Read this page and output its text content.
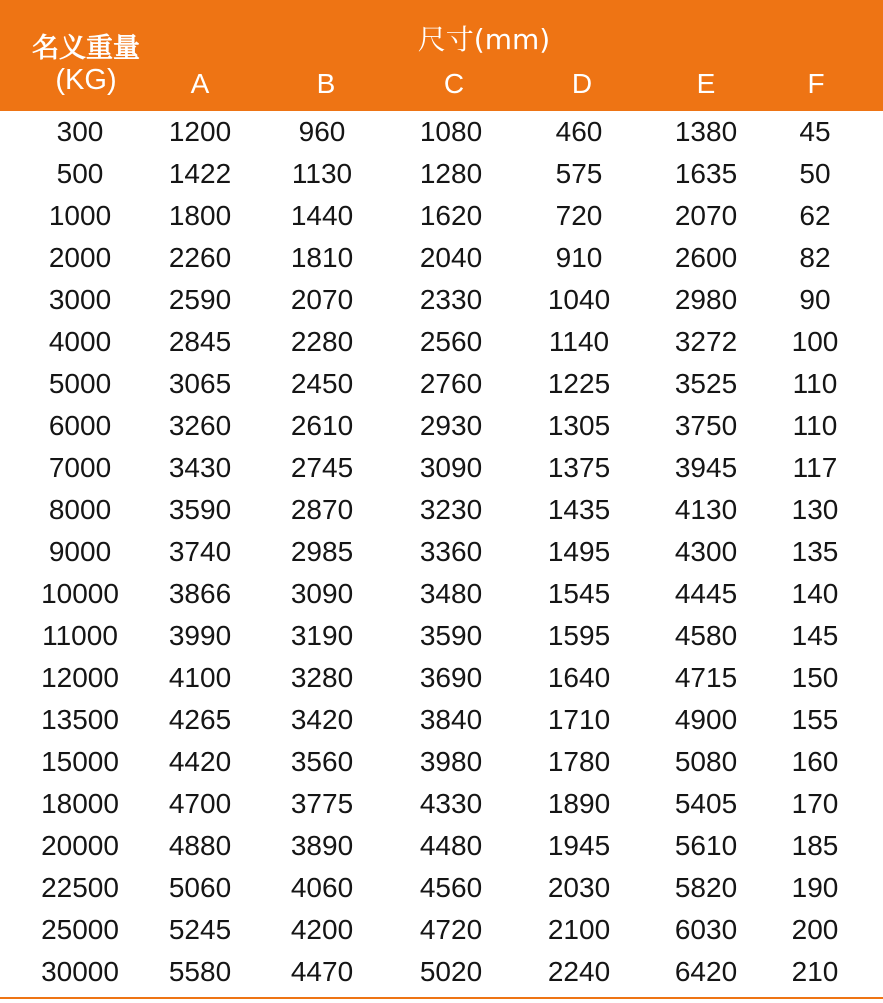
名义重量
(KG)
尺寸(mm)
A	B	C	D	E	F
300 1200 960	1080	460	1380 45
500 1422 1130 1280	575	1635 50
1000 1800 1440 1620	720	2070 62
2000 2260 1810 2040	910	2600 82
3000 2590 2070 2330 1040 2980 90
4000 2845 2280 2560 1140 3272 100
5000 3065 2450 2760 1225 3525 110
6000 3260 2610 2930 1305 3750 110
7000 3430 2745 3090 1375 3945 117
8000 3590 2870 3230 1435 4130 130
9000 3740 2985 3360 1495 4300 135
10000 3866 3090 3480 1545 4445 140
11000 3990 3190 3590 1595 4580 145
12000 4100 3280 3690 1640 4715 150
13500 4265 3420 3840 1710 4900 155
15000 4420 3560 3980 1780 5080 160
18000 4700 3775 4330 1890 5405 170
20000 4880 3890 4480 1945 5610 185
22500 5060 4060 4560 2030 5820 190
25000 5245 4200 4720 2100 6030 200
30000 5580 4470 5020 2240 6420 210
